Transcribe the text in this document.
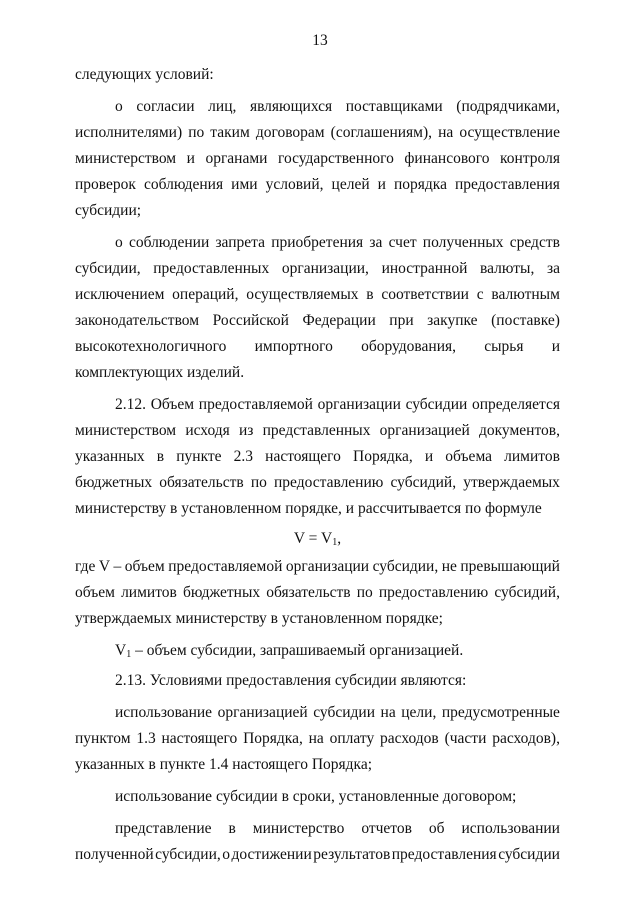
13
следующих условий:
о согласии лиц, являющихся поставщиками (подрядчиками,
исполнителями) по таким договорам (соглашениям), на осуществление
министерством и органами государственного финансового контроля
проверок соблюдения ими условий, целей и порядка предоставления
субсидии;
о соблюдении запрета приобретения за счет полученных средств
субсидии, предоставленных организации, иностранной валюты, за
исключением операций, осуществляемых в соответствии с валютным
законодательством Российской Федерации при закупке (поставке)
высокотехнологичного импортного оборудования, сырья и
комплектующих изделий.
2.12. Объем предоставляемой организации субсидии определяется
министерством исходя из представленных организацией документов,
указанных в пункте 2.3 настоящего Порядка, и объема лимитов
бюджетных обязательств по предоставлению субсидий, утверждаемых
министерству в установленном порядке, и рассчитывается по формуле
$V = V_1$,
где V – объем предоставляемой организации субсидии, не превышающий
объем лимитов бюджетных обязательств по предоставлению субсидий,
утверждаемых министерству в установленном порядке;
$V_1$ – объем субсидии, запрашиваемый организацией.
2.13. Условиями предоставления субсидии являются:
использование организацией субсидии на цели, предусмотренные
пунктом 1.3 настоящего Порядка, на оплату расходов (части расходов),
указанных в пункте 1.4 настоящего Порядка;
использование субсидии в сроки, установленные договором;
представление в министерство отчетов об использовании
полученной субсидии, о достижении результатов предоставления субсидии
